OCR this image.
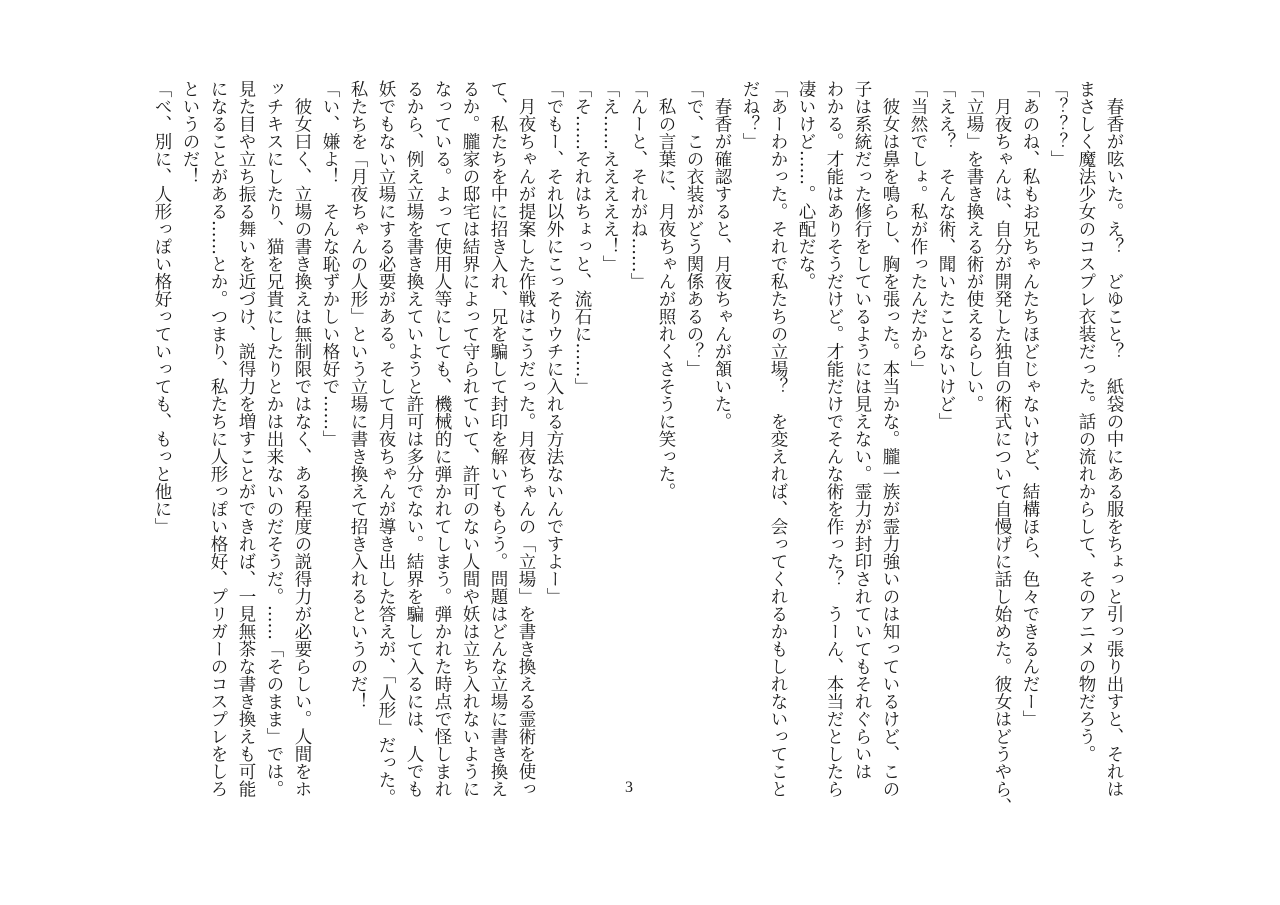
　春香が呟いた。え？　どゆこと？　紙袋の中にある服をちょっと引っ張り出すと、それは
まさしく魔法少女のコスプレ衣装だった。話の流れからして、そのアニメの物だろう。
「？？？」
「あのね、私もお兄ちゃんたちほどじゃないけど、結構ほら、色々できるんだー」
　月夜ちゃんは、自分が開発した独自の術式について自慢げに話し始めた。彼女はどうやら、
「立場」を書き換える術が使えるらしい。
「ええ？　そんな術、聞いたことないけど」
「当然でしょ。私が作ったんだから」
　彼女は鼻を鳴らし、胸を張った。本当かな。朧一族が霊力強いのは知っているけど、この
子は系統だった修行をしているようには見えない。霊力が封印されていてもそれぐらいは
わかる。才能はありそうだけど。才能だけでそんな術を作った？　うーん、本当だとしたら
凄いけど……。心配だな。
「あーわかった。それで私たちの立場？　を変えれば、会ってくれるかもしれないってこと
だね？」
　春香が確認すると、月夜ちゃんが頷いた。
「で、この衣装がどう関係あるの？」
　私の言葉に、月夜ちゃんが照れくさそうに笑った。
「んーと、それがね……」
「え……えええええ！」
「そ……それはちょっと、流石に……」
「でもー、それ以外にこっそりウチに入れる方法ないんですよー」
　月夜ちゃんが提案した作戦はこうだった。月夜ちゃんの「立場」を書き換える霊術を使っ
て、私たちを中に招き入れ、兄を騙して封印を解いてもらう。問題はどんな立場に書き換え
るか。朧家の邸宅は結界によって守られていて、許可のない人間や妖は立ち入れないように
なっている。よって使用人等にしても、機械的に弾かれてしまう。弾かれた時点で怪しまれ
るから、例え立場を書き換えていようと許可は多分でない。結界を騙して入るには、人でも
妖でもない立場にする必要がある。そして月夜ちゃんが導き出した答えが、「人形」だった。
私たちを「月夜ちゃんの人形」という立場に書き換えて招き入れるというのだ！
「い、嫌よ！　そんな恥ずかしい格好で……」
　彼女曰く、立場の書き換えは無制限ではなく、ある程度の説得力が必要らしい。人間をホ
ッチキスにしたり、猫を兄貴にしたりとかは出来ないのだそうだ。……「そのまま」では。
見た目や立ち振る舞いを近づけ、説得力を増すことができれば、一見無茶な書き換えも可能
になることがある……とか。つまり、私たちに人形っぽい格好、プリガーのコスプレをしろ
というのだ！
「べ、別に、人形っぽい格好っていっても、もっと他に」
3
